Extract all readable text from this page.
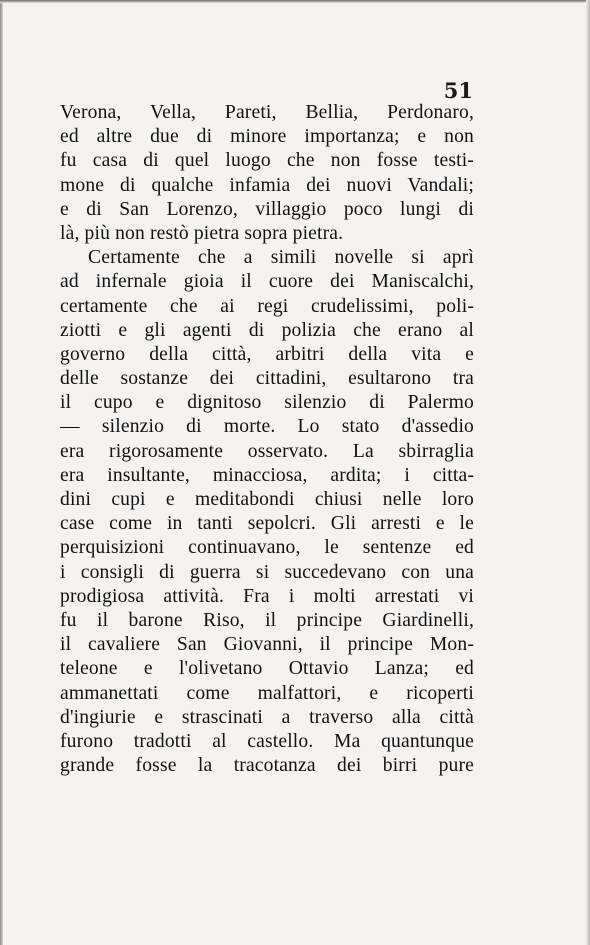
51
Verona, Vella, Pareti, Bellia, Perdonaro,
ed altre due di minore importanza; e non
fu casa di quel luogo che non fosse testi-
mone di qualche infamia dei nuovi Vandali;
e di San Lorenzo, villaggio poco lungi di
là, più non restò pietra sopra pietra.
Certamente che a simili novelle si aprì
ad infernale gioia il cuore dei Maniscalchi,
certamente che ai regi crudelissimi, poli-
ziotti e gli agenti di polizia che erano al
governo della città, arbitri della vita e
delle sostanze dei cittadini, esultarono tra
il cupo e dignitoso silenzio di Palermo
— silenzio di morte. Lo stato d'assedio
era rigorosamente osservato. La sbirraglia
era insultante, minacciosa, ardita; i citta-
dini cupi e meditabondi chiusi nelle loro
case come in tanti sepolcri. Gli arresti e le
perquisizioni continuavano, le sentenze ed
i consigli di guerra si succedevano con una
prodigiosa attività. Fra i molti arrestati vi
fu il barone Riso, il principe Giardinelli,
il cavaliere San Giovanni, il principe Mon-
teleone e l'olivetano Ottavio Lanza; ed
ammanettati come malfattori, e ricoperti
d'ingiurie e strascinati a traverso alla città
furono tradotti al castello. Ma quantunque
grande fosse la tracotanza dei birri pure
